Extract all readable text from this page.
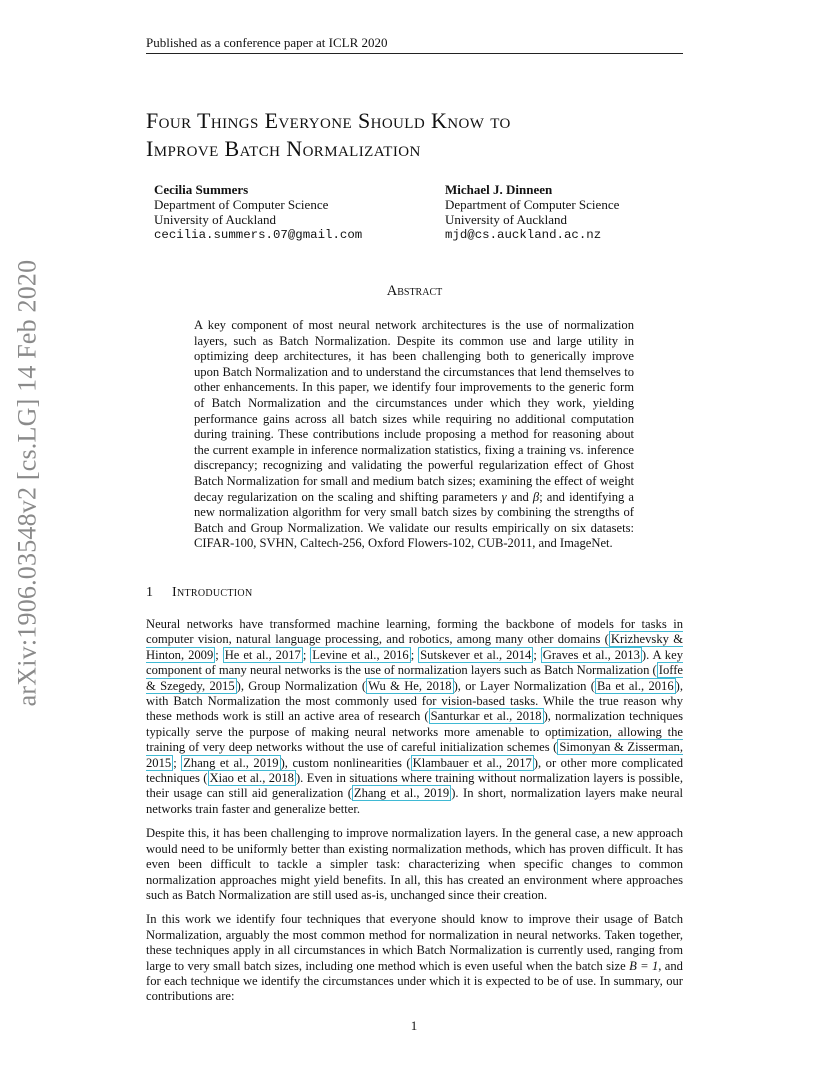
Published as a conference paper at ICLR 2020
arXiv:1906.03548v2 [cs.LG] 14 Feb 2020
Four Things Everyone Should Know to
Improve Batch Normalization
Cecilia Summers
Department of Computer Science
University of Auckland
cecilia.summers.07@gmail.com
Michael J. Dinneen
Department of Computer Science
University of Auckland
mjd@cs.auckland.ac.nz
Abstract

A key component of most neural network architectures is the use of normalization layers, such as Batch Normalization. Despite its common use and large utility in optimizing deep architectures, it has been challenging both to generically improve upon Batch Normalization and to understand the circumstances that lend themselves to other enhancements. In this paper, we identify four improvements to the generic form of Batch Normalization and the circumstances under which they work, yielding performance gains across all batch sizes while requiring no additional computation during training. These contributions include proposing a method for reasoning about the current example in inference normalization statistics, fixing a training vs. inference discrepancy; recognizing and validating the powerful regularization effect of Ghost Batch Normalization for small and medium batch sizes; examining the effect of weight decay regularization on the scaling and shifting parameters γ and β; and identifying a new normalization algorithm for very small batch sizes by combining the strengths of Batch and Group Normalization. We validate our results empirically on six datasets: CIFAR-100, SVHN, Caltech-256, Oxford Flowers-102, CUB-2011, and ImageNet.

1 Introduction

Neural networks have transformed machine learning, forming the backbone of models for tasks in computer vision, natural language processing, and robotics, among many other domains ( Krizhevsky & Hinton, 2009 ; He et al., 2017 ; Levine et al., 2016 ; Sutskever et al., 2014 ; Graves et al., 2013 ). A key component of many neural networks is the use of normalization layers such as Batch Normalization ( Ioffe & Szegedy, 2015 ), Group Normalization ( Wu & He, 2018 ), or Layer Normalization ( Ba et al., 2016 ), with Batch Normalization the most commonly used for vision-based tasks. While the true reason why these methods work is still an active area of research ( Santurkar et al., 2018 ), normalization techniques typically serve the purpose of making neural networks more amenable to optimization, allowing the training of very deep networks without the use of careful initialization schemes ( Simonyan & Zisserman, 2015 ; Zhang et al., 2019 ), custom nonlinearities ( Klambauer et al., 2017 ), or other more complicated techniques ( Xiao et al., 2018 ). Even in situations where training without normalization layers is possible, their usage can still aid generalization ( Zhang et al., 2019 ). In short, normalization layers make neural networks train faster and generalize better.

Despite this, it has been challenging to improve normalization layers. In the general case, a new approach would need to be uniformly better than existing normalization methods, which has proven difficult. It has even been difficult to tackle a simpler task: characterizing when specific changes to common normalization approaches might yield benefits. In all, this has created an environment where approaches such as Batch Normalization are still used as-is, unchanged since their creation.

In this work we identify four techniques that everyone should know to improve their usage of Batch Normalization, arguably the most common method for normalization in neural networks. Taken together, these techniques apply in all circumstances in which Batch Normalization is currently used, ranging from large to very small batch sizes, including one method which is even useful when the batch size B = 1, and for each technique we identify the circumstances under which it is expected to be of use. In summary, our contributions are:

1
